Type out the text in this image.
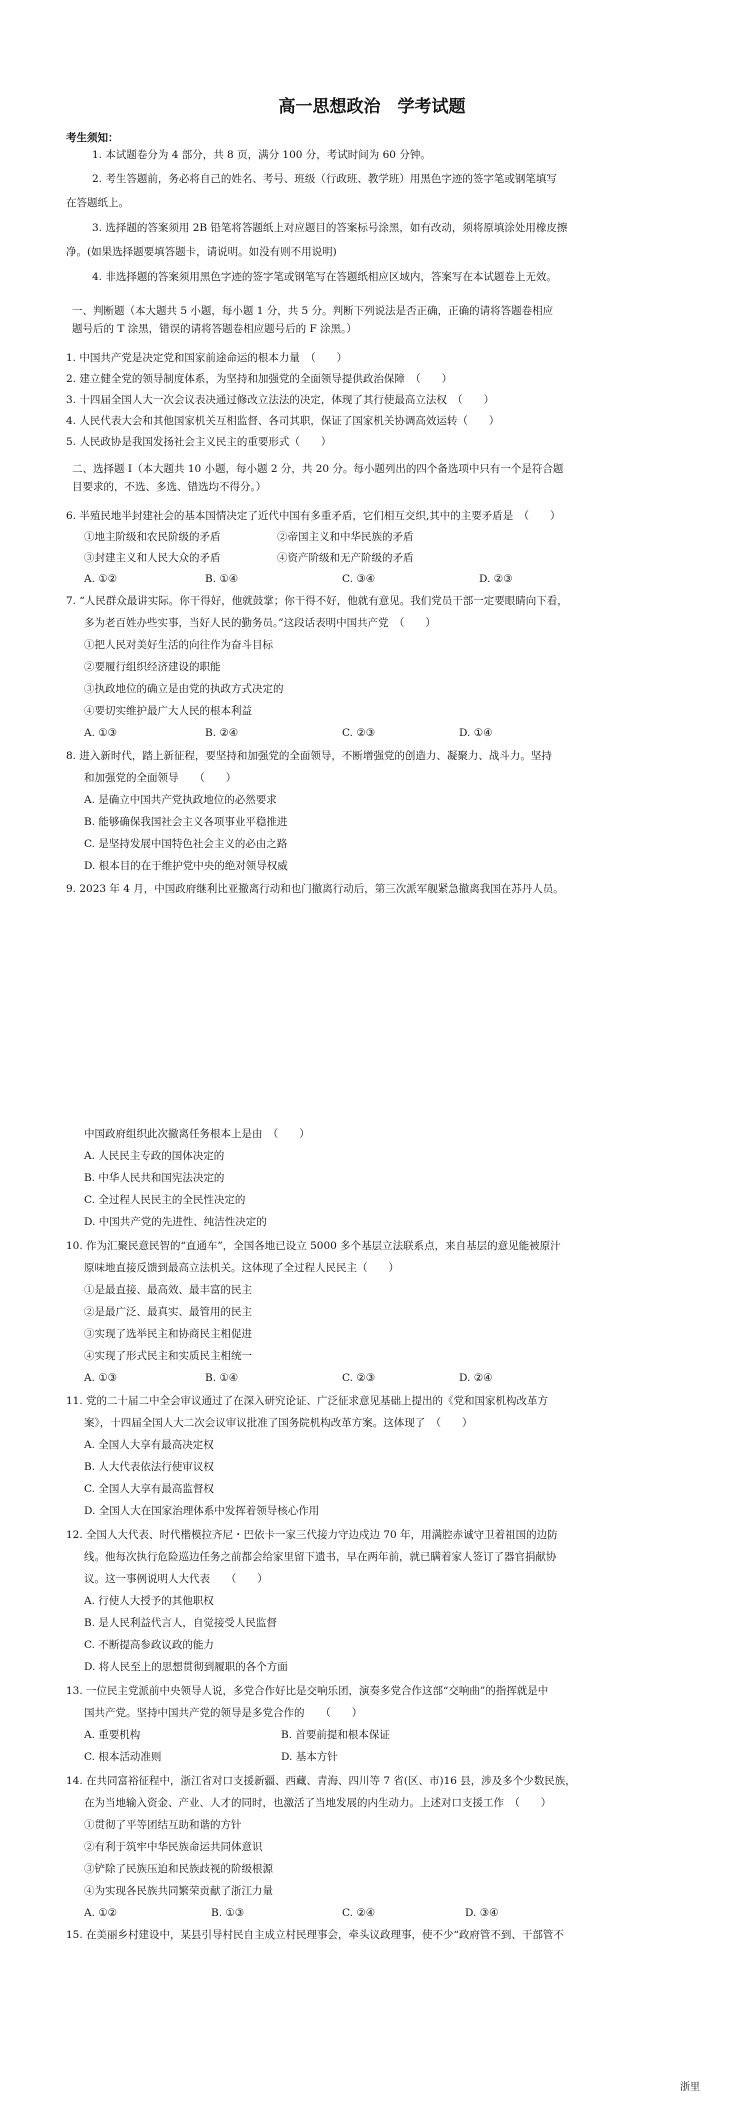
高一思想政治　学考试题
考生须知：
1. 本试题卷分为 4 部分，共 8 页，满分 100 分，考试时间为 60 分钟。
2. 考生答题前，务必将自己的姓名、考号、班级（行政班、教学班）用黑色字迹的签字笔或钢笔填写
在答题纸上。
3. 选择题的答案须用 2B 铅笔将答题纸上对应题目的答案标号涂黑，如有改动，须将原填涂处用橡皮擦
净。(如果选择题要填答题卡，请说明。如没有则不用说明)
4. 非选择题的答案须用黑色字迹的签字笔或钢笔写在答题纸相应区域内，答案写在本试题卷上无效。
一、判断题（本大题共 5 小题，每小题 1 分，共 5 分。判断下列说法是否正确，正确的请将答题卷相应
题号后的 T 涂黑，错误的请将答题卷相应题号后的 F 涂黑。）
1. 中国共产党是决定党和国家前途命运的根本力量　（　　）
2. 建立健全党的领导制度体系，为坚持和加强党的全面领导提供政治保障　（　　）
3. 十四届全国人大一次会议表决通过修改立法法的决定，体现了其行使最高立法权　（　　）
4. 人民代表大会和其他国家机关互相监督、各司其职，保证了国家机关协调高效运转（　　）
5. 人民政协是我国发扬社会主义民主的重要形式（　　）
二、选择题 I（本大题共 10 小题，每小题 2 分，共 20 分。每小题列出的四个备选项中只有一个是符合题
目要求的，不选、多选、错选均不得分。）
6. 半殖民地半封建社会的基本国情决定了近代中国有多重矛盾，它们相互交织,其中的主要矛盾是　（　　）
①地主阶级和农民阶级的矛盾	②帝国主义和中华民族的矛盾
③封建主义和人民大众的矛盾	④资产阶级和无产阶级的矛盾
A. ①②	B. ①④	C. ③④	D. ②③
7. “人民群众最讲实际。你干得好，他就鼓掌；你干得不好，他就有意见。我们党员干部一定要眼睛向下看，
多为老百姓办些实事，当好人民的勤务员。”这段话表明中国共产党　（　　）
①把人民对美好生活的向往作为奋斗目标
②要履行组织经济建设的职能
③执政地位的确立是由党的执政方式决定的
④要切实维护最广大人民的根本利益
A. ①③	B. ②④	C. ②③	D. ①④
8. 进入新时代，踏上新征程，要坚持和加强党的全面领导，不断增强党的创造力、凝聚力、战斗力。坚持
和加强党的全面领导　　（　　）
A. 是确立中国共产党执政地位的必然要求
B. 能够确保我国社会主义各项事业平稳推进
C. 是坚持发展中国特色社会主义的必由之路
D. 根本目的在于维护党中央的绝对领导权威
9. 2023 年 4 月，中国政府继利比亚撤离行动和也门撤离行动后，第三次派军舰紧急撤离我国在苏丹人员。
中国政府组织此次撤离任务根本上是由　（　　）
A. 人民民主专政的国体决定的
B. 中华人民共和国宪法决定的
C. 全过程人民民主的全民性决定的
D. 中国共产党的先进性、纯洁性决定的
10. 作为汇聚民意民智的“直通车”，全国各地已设立 5000 多个基层立法联系点，来自基层的意见能被原汁
原味地直接反馈到最高立法机关。这体现了全过程人民民主（　　）
①是最直接、最高效、最丰富的民主
②是最广泛、最真实、最管用的民主
③实现了选举民主和协商民主相促进
④实现了形式民主和实质民主相统一
A. ①③	B. ①④	C. ②③	D. ②④
11. 党的二十届二中全会审议通过了在深入研究论证、广泛征求意见基础上提出的《党和国家机构改革方
案》，十四届全国人大二次会议审议批准了国务院机构改革方案。这体现了　（　　）
A. 全国人大享有最高决定权
B. 人大代表依法行使审议权
C. 全国人大享有最高监督权
D. 全国人大在国家治理体系中发挥着领导核心作用
12. 全国人大代表、时代楷模拉齐尼・巴依卡一家三代接力守边戍边 70 年，用满腔赤诚守卫着祖国的边防
线。他每次执行危险巡边任务之前都会给家里留下遗书，早在两年前，就已瞒着家人签订了器官捐献协
议。这一事例说明人大代表　　（　　）
A. 行使人大授予的其他职权
B. 是人民利益代言人，自觉接受人民监督
C. 不断提高参政议政的能力
D. 将人民至上的思想贯彻到履职的各个方面
13. 一位民主党派前中央领导人说，多党合作好比是交响乐团，演奏多党合作这部“交响曲”的指挥就是中
国共产党。坚持中国共产党的领导是多党合作的　　（　　）
A. 重要机构	B. 首要前提和根本保证
C. 根本活动准则	D. 基本方针
14. 在共同富裕征程中，浙江省对口支援新疆、西藏、青海、四川等 7 省(区、市)16 县，涉及多个少数民族，
在为当地输入资金、产业、人才的同时，也激活了当地发展的内生动力。上述对口支援工作　（　　）
①贯彻了平等团结互助和谐的方针
②有利于筑牢中华民族命运共同体意识
③铲除了民族压迫和民族歧视的阶级根源
④为实现各民族共同繁荣贡献了浙江力量
A. ①②	B. ①③	C. ②④	D. ③④
15. 在美丽乡村建设中，某县引导村民自主成立村民理事会，牵头议政理事，使不少“政府管不到、干部管不
浙里
